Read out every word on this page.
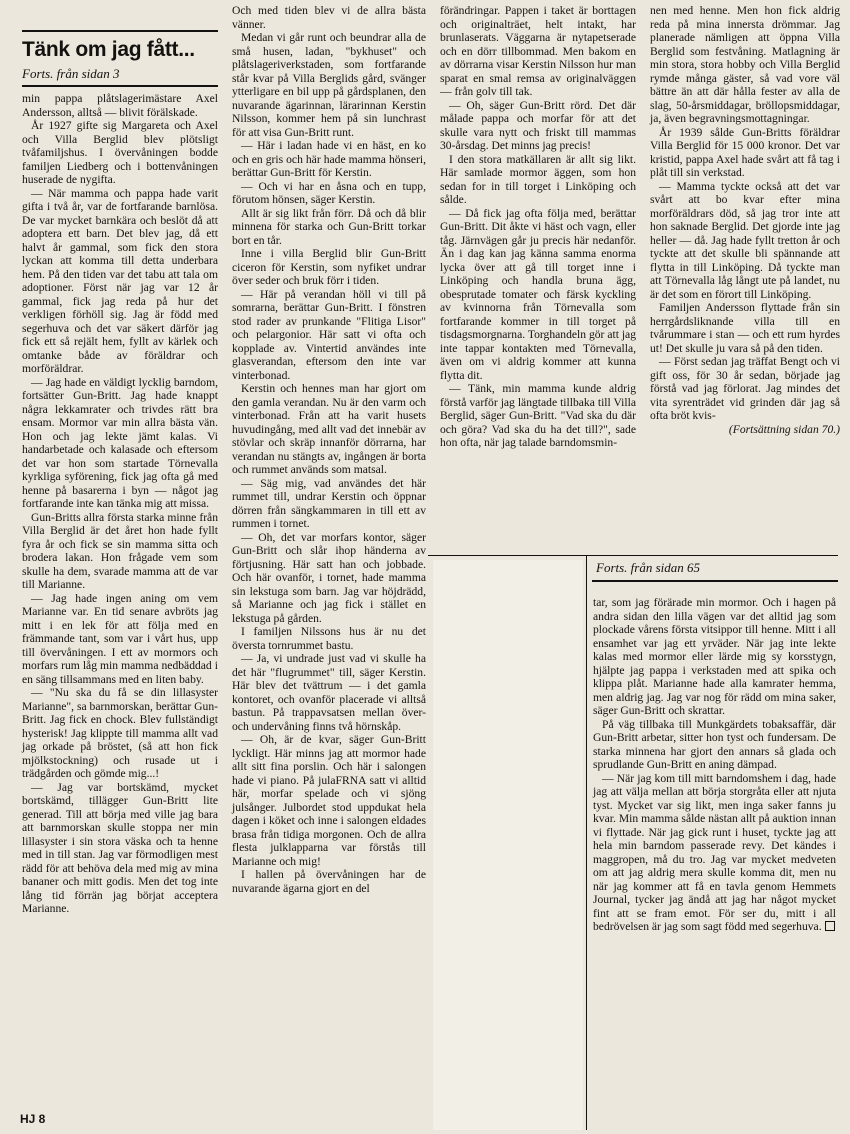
Tänk om jag fått...
Forts. från sidan 3

min pappa plåtslagerimästare Axel Andersson, alltså — blivit förälskade.

År 1927 gifte sig Margareta och Axel och Villa Berglid blev plötsligt tvåfamiljshus. I övervåningen bodde familjen Liedberg och i bottenvåningen huserade de nygifta.

— När mamma och pappa hade varit gifta i två år, var de fortfarande barnlösa. De var mycket barnkära och beslöt då att adoptera ett barn. Det blev jag, då ett halvt år gammal, som fick den stora lyckan att komma till detta underbara hem. På den tiden var det tabu att tala om adoptioner. Först när jag var 12 år gammal, fick jag reda på hur det verkligen förhöll sig. Jag är född med segerhuva och det var säkert därför jag fick ett så rejält hem, fyllt av kärlek och omtanke både av föräldrar och morföräldrar.

— Jag hade en väldigt lycklig barndom, fortsätter Gun-Britt. Jag hade knappt några lekkamrater och trivdes rätt bra ensam. Mormor var min allra bästa vän. Hon och jag lekte jämt kalas. Vi handarbetade och kalasade och eftersom det var hon som startade Törnevalla kyrkliga syförening, fick jag ofta gå med henne på basarerna i byn — något jag fortfarande inte kan tänka mig att missa.

Gun-Britts allra första starka minne från Villa Berglid är det året hon hade fyllt fyra år och fick se sin mamma sitta och brodera lakan. Hon frågade vem som skulle ha dem, svarade mamma att de var till Marianne.

— Jag hade ingen aning om vem Marianne var. En tid senare avbröts jag mitt i en lek för att följa med en främmande tant, som var i vårt hus, upp till övervåningen. I ett av mormors och morfars rum låg min mamma nedbäddad i en säng tillsammans med en liten baby.

— "Nu ska du få se din lillasyster Marianne", sa barnmorskan, berättar Gun-Britt. Jag fick en chock. Blev fullständigt hysterisk! Jag klippte till mamma allt vad jag orkade på bröstet, (så att hon fick mjölkstockning) och rusade ut i trädgården och gömde mig...!

— Jag var bortskämd, mycket bortskämd, tillägger Gun-Britt lite generad. Till att börja med ville jag bara att barnmorskan skulle stoppa ner min lillasyster i sin stora väska och ta henne med in till stan. Jag var förmodligen mest rädd för att behöva dela med mig av mina bananer och mitt godis. Men det tog inte lång tid förrän jag börjat acceptera Marianne.

Och med tiden blev vi de allra bästa vänner.

Medan vi går runt och beundrar alla de små husen, ladan, "bykhuset" och plåtslageriverkstaden, som fortfarande står kvar på Villa Berglids gård, svänger ytterligare en bil upp på gårdsplanen, den nuvarande ägarinnan, lärarinnan Kerstin Nilsson, kommer hem på sin lunchrast för att visa Gun-Britt runt.

— Här i ladan hade vi en häst, en ko och en gris och här hade mamma hönseri, berättar Gun-Britt för Kerstin.

— Och vi har en åsna och en tupp, förutom hönsen, säger Kerstin.

Allt är sig likt från förr. Då och då blir minnena för starka och Gun-Britt torkar bort en tår.

Inne i villa Berglid blir Gun-Britt ciceron för Kerstin, som nyfiket undrar över seder och bruk förr i tiden.

— Här på verandan höll vi till på somrarna, berättar Gun-Britt. I fönstren stod rader av prunkande "Flitiga Lisor" och pelargonior. Här satt vi ofta och kopplade av. Vintertid användes inte glasverandan, eftersom den inte var vinterbonad.

Kerstin och hennes man har gjort om den gamla verandan. Nu är den varm och vinterbonad. Från att ha varit husets huvudingång, med allt vad det innebär av stövlar och skräp innanför dörrarna, har verandan nu stängts av, ingången är borta och rummet används som matsal.

— Säg mig, vad användes det här rummet till, undrar Kerstin och öppnar dörren från sängkammaren in till ett av rummen i tornet.

— Oh, det var morfars kontor, säger Gun-Britt och slår ihop händerna av förtjusning. Här satt han och jobbade. Och här ovanför, i tornet, hade mamma sin lekstuga som barn. Jag var höjdrädd, så Marianne och jag fick i stället en lekstuga på gården.

I familjen Nilssons hus är nu det översta tornrummet bastu.

— Ja, vi undrade just vad vi skulle ha det här "flugrummet" till, säger Kerstin. Här blev det tvättrum — i det gamla kontoret, och ovanför placerade vi alltså bastun. På trappavsatsen mellan över- och undervåning finns två hörnskåp.

— Oh, är de kvar, säger Gun-Britt lyckligt. Här minns jag att mormor hade allt sitt fina porslin. Och här i salongen hade vi piano. På julaFRNA satt vi alltid här, morfar spelade och vi sjöng julsånger. Julbordet stod uppdukat hela dagen i köket och inne i salongen eldades brasa från tidiga morgonen. Och de allra flesta julklapparna var förstås till Marianne och mig!

I hallen på övervåningen har de nuvarande ägarna gjort en del

förändringar. Pappen i taket är borttagen och originalträet, helt intakt, har brunlaserats. Väggarna är nytapetserade och en dörr tillbommad. Men bakom en av dörrarna visar Kerstin Nilsson hur man sparat en smal remsa av originalväggen — från golv till tak.

— Oh, säger Gun-Britt rörd. Det där målade pappa och morfar för att det skulle vara nytt och friskt till mammas 30-årsdag. Det minns jag precis!

I den stora matkällaren är allt sig likt. Här samlade mormor äggen, som hon sedan for in till torget i Linköping och sålde.

— Då fick jag ofta följa med, berättar Gun-Britt. Dit åkte vi häst och vagn, eller tåg. Järnvägen går ju precis här nedanför. Än i dag kan jag känna samma enorma lycka över att gå till torget inne i Linköping och handla bruna ägg, obesprutade tomater och färsk kyckling av kvinnorna från Törnevalla som fortfarande kommer in till torget på tisdagsmorgnarna. Torghandeln gör att jag inte tappar kontakten med Törnevalla, även om vi aldrig kommer att kunna flytta dit.

— Tänk, min mamma kunde aldrig förstå varför jag längtade tillbaka till Villa Berglid, säger Gun-Britt. "Vad ska du där och göra? Vad ska du ha det till?", sade hon ofta, när jag talade barndomsmin-

nen med henne. Men hon fick aldrig reda på mina innersta drömmar. Jag planerade nämligen att öppna Villa Berglid som festvåning. Matlagning är min stora, stora hobby och Villa Berglid rymde många gäster, så vad vore väl bättre än att där hålla fester av alla de slag, 50-årsmiddagar, bröllopsmiddagar, ja, även begravningsmottagningar.

År 1939 sålde Gun-Britts föräldrar Villa Berglid för 15 000 kronor. Det var kristid, pappa Axel hade svårt att få tag i plåt till sin verkstad.

— Mamma tyckte också att det var svårt att bo kvar efter mina morföräldrars död, så jag tror inte att hon saknade Berglid. Det gjorde inte jag heller — då. Jag hade fyllt tretton år och tyckte att det skulle bli spännande att flytta in till Linköping. Då tyckte man att Törnevalla låg långt ute på landet, nu är det som en förort till Linköping.

Familjen Andersson flyttade från sin herrgårdsliknande villa till en tvårummare i stan — och ett rum hyrdes ut! Det skulle ju vara så på den tiden.

— Först sedan jag träffat Bengt och vi gift oss, för 30 år sedan, började jag förstå vad jag förlorat. Jag mindes det vita syrenträdet vid grinden där jag så ofta bröt kvis-

(Fortsättning sidan 70.)
Forts. från sidan 65

tar, som jag förärade min mormor. Och i hagen på andra sidan den lilla vägen var det alltid jag som plockade vårens första vitsippor till henne. Mitt i all ensamhet var jag ett yrväder. När jag inte lekte kalas med mormor eller lärde mig sy korsstygn, hjälpte jag pappa i verkstaden med att spika och klippa plåt. Marianne hade alla kamrater hemma, men aldrig jag. Jag var nog för rädd om mina saker, säger Gun-Britt och skrattar.

På väg tillbaka till Munkgärdets tobaksaffär, där Gun-Britt arbetar, sitter hon tyst och fundersam. De starka minnena har gjort den annars så glada och sprudlande Gun-Britt en aning dämpad.

— När jag kom till mitt barndomshem i dag, hade jag att välja mellan att börja storgråta eller att njuta tyst. Mycket var sig likt, men inga saker fanns ju kvar. Min mamma sålde nästan allt på auktion innan vi flyttade. När jag gick runt i huset, tyckte jag att hela min barndom passerade revy. Det kändes i maggropen, må du tro. Jag var mycket medveten om att jag aldrig mera skulle komma dit, men nu när jag kommer att få en tavla genom Hemmets Journal, tycker jag ändå att jag har något mycket fint att se fram emot. För ser du, mitt i all bedrövelsen är jag som sagt född med segerhuva.

HJ 8
